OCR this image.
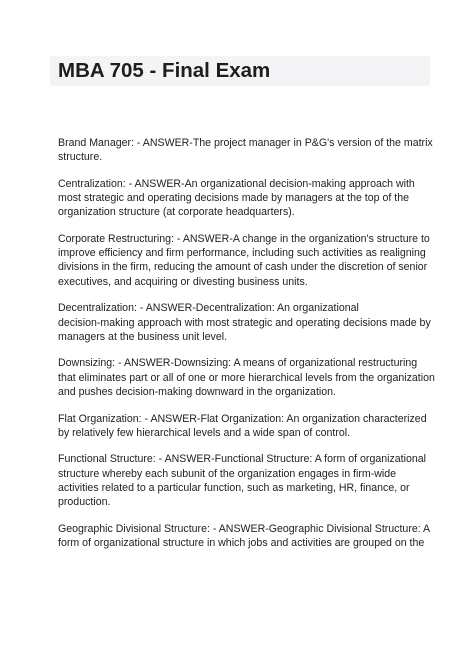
MBA 705 - Final Exam

Brand Manager: - ANSWER-The project manager in P&G's version of the matrix
structure.

Centralization: - ANSWER-An organizational decision-making approach with
most strategic and operating decisions made by managers at the top of the
organization structure (at corporate headquarters).

Corporate Restructuring: - ANSWER-A change in the organization's structure to
improve efficiency and firm performance, including such activities as realigning
divisions in the firm, reducing the amount of cash under the discretion of senior
executives, and acquiring or divesting business units.

Decentralization: - ANSWER-Decentralization: An organizational
decision-making approach with most strategic and operating decisions made by
managers at the business unit level.

Downsizing: - ANSWER-Downsizing: A means of organizational restructuring
that eliminates part or all of one or more hierarchical levels from the organization
and pushes decision-making downward in the organization.

Flat Organization: - ANSWER-Flat Organization: An organization characterized
by relatively few hierarchical levels and a wide span of control.

Functional Structure: - ANSWER-Functional Structure: A form of organizational
structure whereby each subunit of the organization engages in firm-wide
activities related to a particular function, such as marketing, HR, finance, or
production.

Geographic Divisional Structure: - ANSWER-Geographic Divisional Structure: A
form of organizational structure in which jobs and activities are grouped on the
